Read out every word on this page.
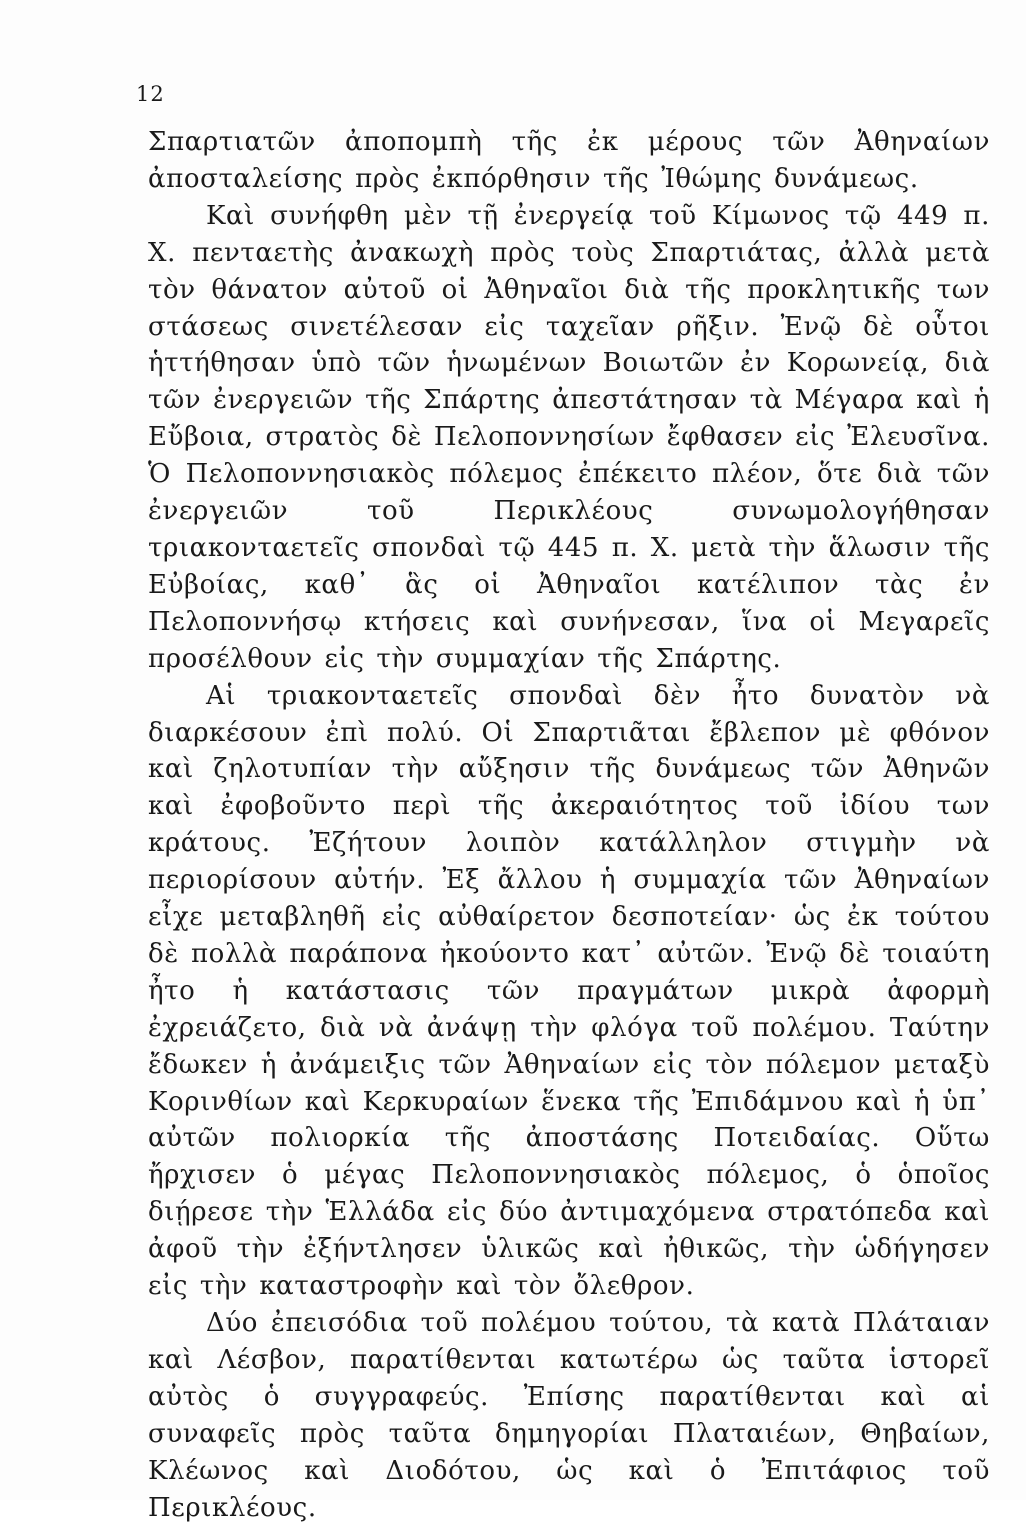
12

Σπαρτιατῶν ἀποπομπὴ τῆς ἐκ μέρους τῶν Ἀθηναίων ἀποσταλείσης πρὸς ἐκπόρθησιν τῆς Ἰθώμης δυνάμεως.

Καὶ συνήφθη μὲν τῇ ἐνεργείᾳ τοῦ Κίμωνος τῷ 449 π. Χ. πενταετὴς ἀνακωχὴ πρὸς τοὺς Σπαρτιάτας, ἀλλὰ μετὰ τὸν θάνατον αὐτοῦ οἱ Ἀθηναῖοι διὰ τῆς προκλητικῆς των στάσεως σινετέλεσαν εἰς ταχεῖαν ρῆξιν. Ἐνῷ δὲ οὗτοι ἡττήθησαν ὑπὸ τῶν ἡνωμένων Βοιωτῶν ἐν Κορωνείᾳ, διὰ τῶν ἐνεργειῶν τῆς Σπάρτης ἀπεστάτησαν τὰ Μέγαρα καὶ ἡ Εὔβοια, στρατὸς δὲ Πελοποννησίων ἔφθασεν εἰς Ἐλευσῖνα. Ὁ Πελοποννησιακὸς πόλεμος ἐπέκειτο πλέον, ὅτε διὰ τῶν ἐνεργειῶν τοῦ Περικλέους συνωμολογήθησαν τριακονταετεῖς σπονδαὶ τῷ 445 π. Χ. μετὰ τὴν ἅλωσιν τῆς Εὐβοίας, καθ᾽ ἃς οἱ Ἀθηναῖοι κατέλιπον τὰς ἐν Πελοποννήσῳ κτήσεις καὶ συνήνεσαν, ἵνα οἱ Μεγαρεῖς προσέλθουν εἰς τὴν συμμαχίαν τῆς Σπάρτης.

Αἱ τριακονταετεῖς σπονδαὶ δὲν ἦτο δυνατὸν νὰ διαρκέσουν ἐπὶ πολύ. Οἱ Σπαρτιᾶται ἔβλεπον μὲ φθόνον καὶ ζηλοτυπίαν τὴν αὔξησιν τῆς δυνάμεως τῶν Ἀθηνῶν καὶ ἐφοβοῦντο περὶ τῆς ἀκεραιότητος τοῦ ἰδίου των κράτους. Ἐζήτουν λοιπὸν κατάλληλον στιγμὴν νὰ περιορίσουν αὐτήν. Ἐξ ἄλλου ἡ συμμαχία τῶν Ἀθηναίων εἶχε μεταβληθῆ εἰς αὐθαίρετον δεσποτείαν· ὡς ἐκ τούτου δὲ πολλὰ παράπονα ἠκούοντο κατ᾽ αὐτῶν. Ἐνῷ δὲ τοιαύτη ἦτο ἡ κατάστασις τῶν πραγμάτων μικρὰ ἀφορμὴ ἐχρειάζετο, διὰ νὰ ἀνάψῃ τὴν φλόγα τοῦ πολέμου. Ταύτην ἔδωκεν ἡ ἀνάμειξις τῶν Ἀθηναίων εἰς τὸν πόλεμον μεταξὺ Κορινθίων καὶ Κερκυραίων ἕνεκα τῆς Ἐπιδάμνου καὶ ἡ ὑπ᾽ αὐτῶν πολιορκία τῆς ἀποστάσης Ποτειδαίας. Οὕτω ἤρχισεν ὁ μέγας Πελοποννησιακὸς πόλεμος, ὁ ὁποῖος διῄρεσε τὴν Ἑλλάδα εἰς δύο ἀντιμαχόμενα στρατόπεδα καὶ ἀφοῦ τὴν ἐξήντλησεν ὑλικῶς καὶ ἠθικῶς, τὴν ὡδήγησεν εἰς τὴν καταστροφὴν καὶ τὸν ὄλεθρον.

Δύο ἐπεισόδια τοῦ πολέμου τούτου, τὰ κατὰ Πλάταιαν καὶ Λέσβον, παρατίθενται κατωτέρω ὡς ταῦτα ἱστορεῖ αὐτὸς ὁ συγγραφεύς. Ἐπίσης παρατίθενται καὶ αἱ συναφεῖς πρὸς ταῦτα δημηγορίαι Πλαταιέων, Θηβαίων, Κλέωνος καὶ Διοδότου, ὡς καὶ ὁ Ἐπιτάφιος τοῦ Περικλέους.
